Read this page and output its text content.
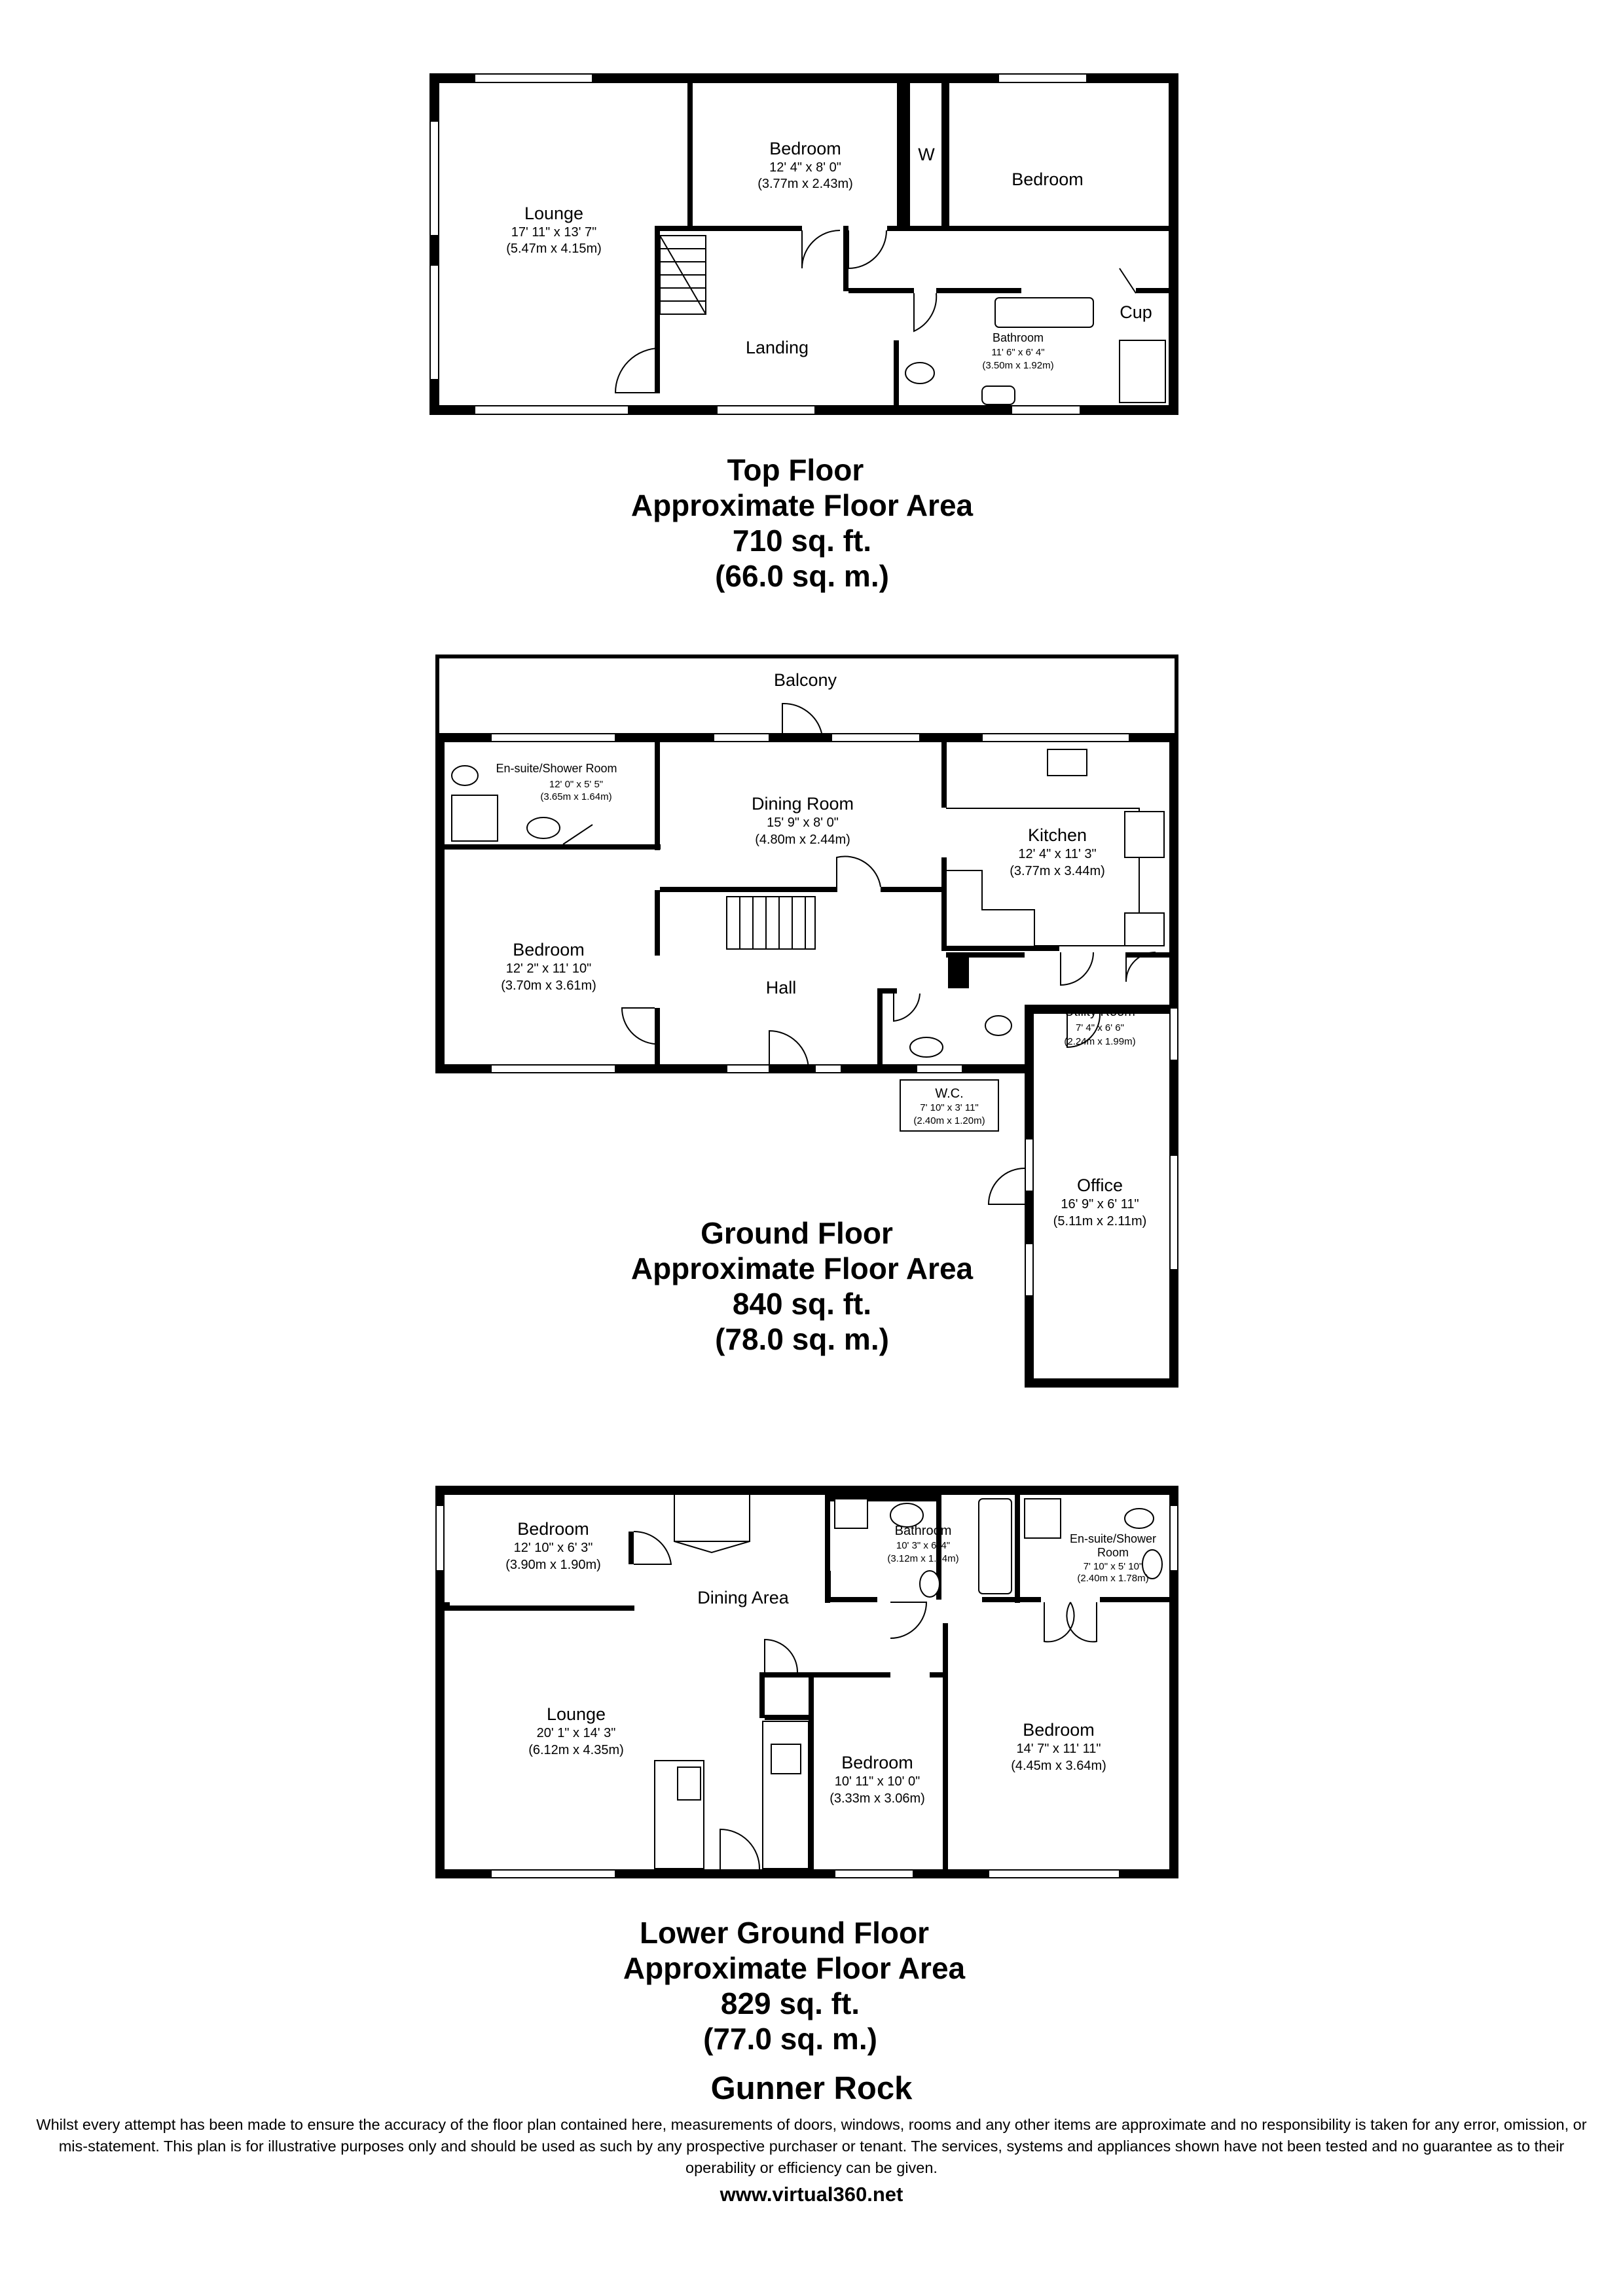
Lounge
17' 11" x 13' 7"
(5.47m x 4.15m)
Bedroom
12' 4" x 8' 0"
(3.77m x 2.43m)
W
Bedroom
Cup
Landing	Bathroom
11' 6" x 6' 4"
(3.50m x 1.92m)
Top Floor
Approximate Floor Area
710 sq. ft.
(66.0 sq. m.)
Balcony
En-suite/Shower Room
12' 0" x 5' 5"
(3.65m x 1.64m)	Dining Room
15' 9" x 8' 0"
(4.80m x 2.44m)	Kitchen
12' 4" x 11' 3"
(3.77m x 3.44m)
Bedroom
12' 2" x 11' 10"
(3.70m x 3.61m)	Hall
Utility Room
7' 4" x 6' 6"
(2.24m x 1.99m)
W.C.
7' 10" x 3' 11"
(2.40m x 1.20m)
Office
16' 9" x 6' 11"
(5.11m x 2.11m)
Ground Floor
Approximate Floor Area
840 sq. ft.
(78.0 sq. m.)
Bedroom
12' 10" x 6' 3"
(3.90m x 1.90m)
Dining Area
Bathroom
10' 3" x 6' 4"
(3.12m x 1.94m)
En-suite/Shower
Room
7' 10" x 5' 10"
(2.40m x 1.78m)
Lounge
20' 1" x 14' 3"
(6.12m x 4.35m)
Bedroom
10' 11" x 10' 0"
(3.33m x 3.06m)
Bedroom
14' 7" x 11' 11"
(4.45m x 3.64m)
Lower Ground Floor
Approximate Floor Area
829 sq. ft.
(77.0 sq. m.)
Gunner Rock
Whilst every attempt has been made to ensure the accuracy of the floor plan contained here, measurements of doors, windows, rooms and any other items are approximate and no responsibility is taken for any error, omission, or mis-statement. This plan is for illustrative purposes only and should be used as such by any prospective purchaser or tenant. The services, systems and appliances shown have not been tested and no guarantee as to their operability or efficiency can be given.
www.virtual360.net
